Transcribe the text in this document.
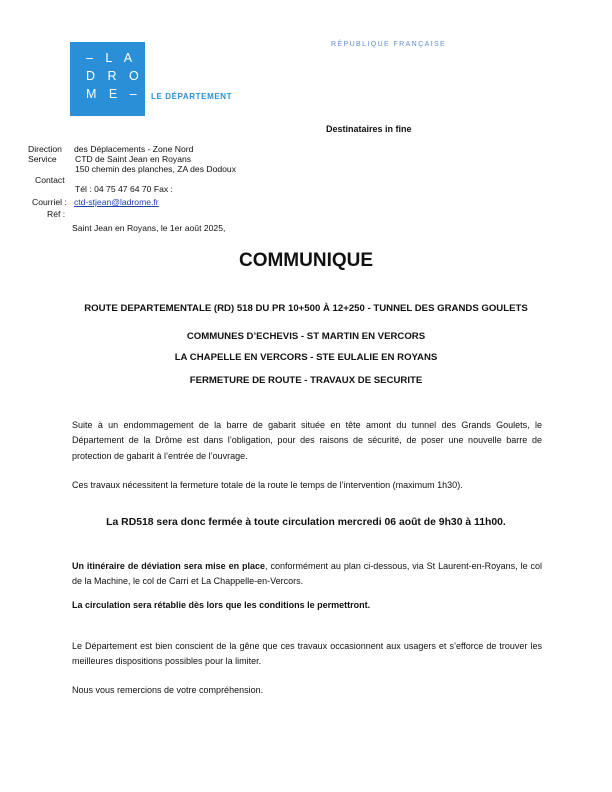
– L A
D R O
M E – LE DÉPARTEMENT
RÉPUBLIQUE FRANÇAISE
Destinataires in fine
Direction des Déplacements - Zone Nord
Service CTD de Saint Jean en Royans
150 chemin des planches, ZA des Dodoux
Contact
Tél : 04 75 47 64 70 Fax :
Courriel : ctd-stjean@ladrome.fr
Réf :
Saint Jean en Royans, le 1er août 2025,
COMMUNIQUE
ROUTE DEPARTEMENTALE (RD) 518 DU PR 10+500 À 12+250 - TUNNEL DES GRANDS GOULETS
COMMUNES D’ECHEVIS - ST MARTIN EN VERCORS
LA CHAPELLE EN VERCORS - STE EULALIE EN ROYANS
FERMETURE DE ROUTE - TRAVAUX DE SECURITE
Suite à un endommagement de la barre de gabarit située en tête amont du tunnel des Grands Goulets, le Département de la Drôme est dans l’obligation, pour des raisons de sécurité, de poser une nouvelle barre de protection de gabarit à l’entrée de l’ouvrage.
Ces travaux nécessitent la fermeture totale de la route le temps de l’intervention (maximum 1h30).
La RD518 sera donc fermée à toute circulation mercredi 06 août de 9h30 à 11h00.
Un itinéraire de déviation sera mise en place, conformément au plan ci-dessous, via St Laurent-en-Royans, le col de la Machine, le col de Carri et La Chappelle-en-Vercors.
La circulation sera rétablie dès lors que les conditions le permettront.
Le Département est bien conscient de la gêne que ces travaux occasionnent aux usagers et s’efforce de trouver les meilleures dispositions possibles pour la limiter.
Nous vous remercions de votre compréhension.
